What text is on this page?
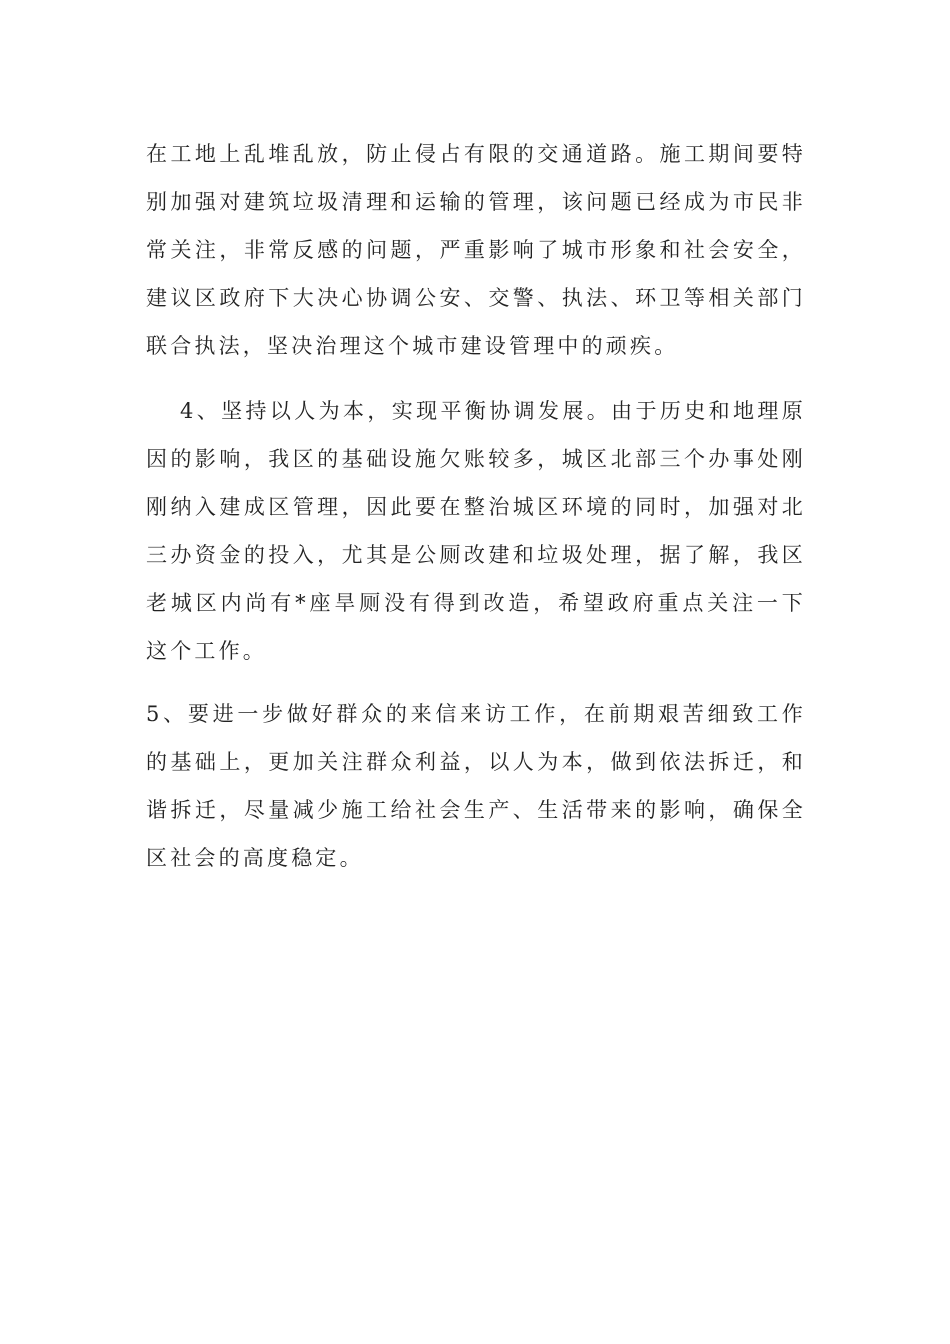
在工地上乱堆乱放，防止侵占有限的交通道路。施工期间要特别加强对建筑垃圾清理和运输的管理，该问题已经成为市民非常关注，非常反感的问题，严重影响了城市形象和社会安全，建议区政府下大决心协调公安、交警、执法、环卫等相关部门联合执法，坚决治理这个城市建设管理中的顽疾。

4、坚持以人为本，实现平衡协调发展。由于历史和地理原因的影响，我区的基础设施欠账较多，城区北部三个办事处刚刚纳入建成区管理，因此要在整治城区环境的同时，加强对北三办资金的投入，尤其是公厕改建和垃圾处理，据了解，我区老城区内尚有*座旱厕没有得到改造，希望政府重点关注一下这个工作。

5、要进一步做好群众的来信来访工作，在前期艰苦细致工作的基础上，更加关注群众利益，以人为本，做到依法拆迁，和谐拆迁，尽量减少施工给社会生产、生活带来的影响，确保全区社会的高度稳定。
